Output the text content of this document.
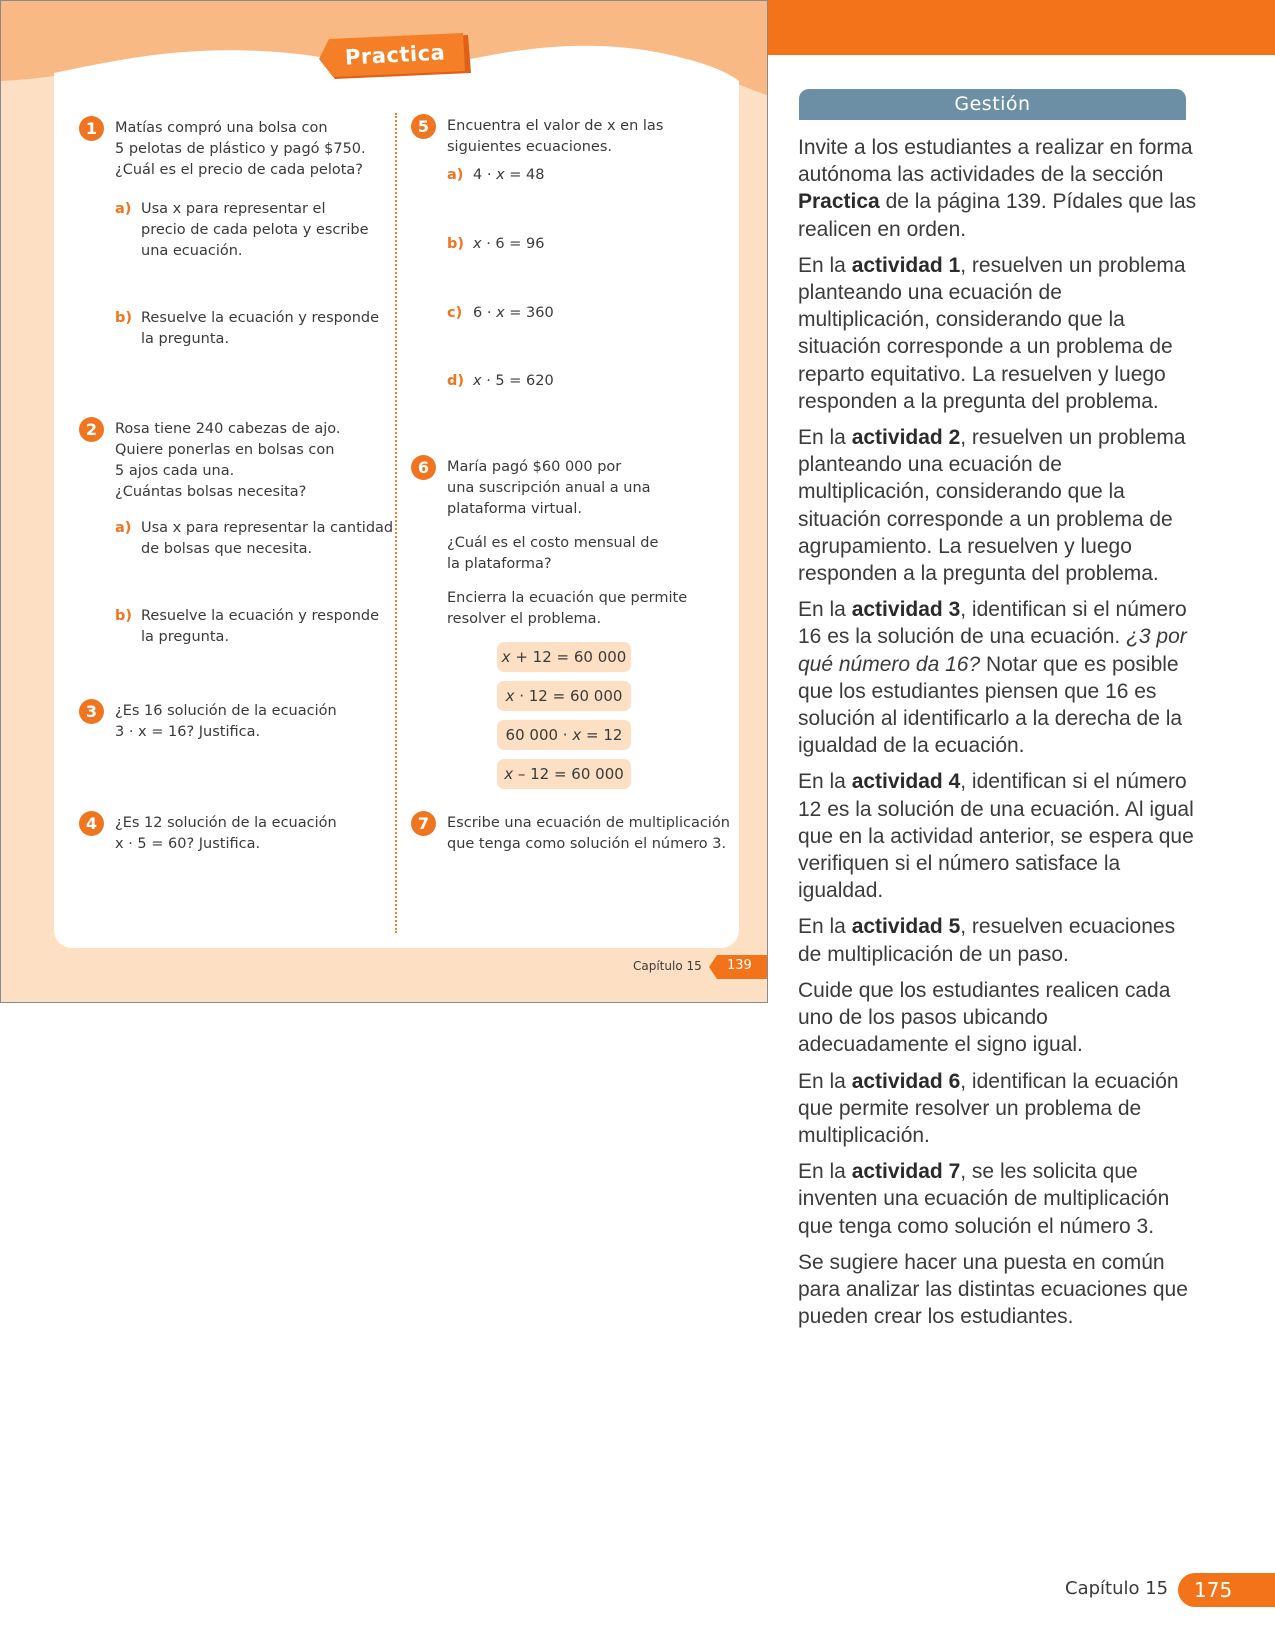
Practica
1	Matías compró una bolsa con

5 pelotas de plástico y pagó $750.

¿Cuál es el precio de cada pelota?

a) Usa x para representar el

precio de cada pelota y escribe

una ecuación.

b) Resuelve la ecuación y responde

la pregunta.

2	Rosa tiene 240 cabezas de ajo.

Quiere ponerlas en bolsas con

5 ajos cada una.

¿Cuántas bolsas necesita?

a) Usa x para representar la cantidad

de bolsas que necesita.

b) Resuelve la ecuación y responde

la pregunta.

3	¿Es 16 solución de la ecuación

3 · x = 16? Justifica.

4	¿Es 12 solución de la ecuación

x · 5 = 60? Justifica.

5	Encuentra el valor de x en las

siguientes ecuaciones.

a) 4 · x = 48

b) x · 6 = 96

c) 6 · x = 360

d) x · 5 = 620

6	María pagó $60 000 por

una suscripción anual a una

plataforma virtual.

¿Cuál es el costo mensual de

la plataforma?

Encierra la ecuación que permite

resolver el problema.

x + 12 = 60 000
x · 12 = 60 000
60 000 · x = 12
x – 12 = 60 000
7	Escribe una ecuación de multiplicación

que tenga como solución el número 3.

Capítulo 15 139
Gestión

Invite a los estudiantes a realizar en forma autónoma las actividades de la sección Practica de la página 139. Pídales que las realicen en orden.

En la actividad 1, resuelven un problema planteando una ecuación de multiplicación, considerando que la situación corresponde a un problema de reparto equitativo. La resuelven y luego responden a la pregunta del problema.

En la actividad 2, resuelven un problema planteando una ecuación de multiplicación, considerando que la situación corresponde a un problema de agrupamiento. La resuelven y luego responden a la pregunta del problema.

En la actividad 3, identifican si el número 16 es la solución de una ecuación. ¿3 por qué número da 16? Notar que es posible que los estudiantes piensen que 16 es solución al identificarlo a la derecha de la igualdad de la ecuación.

En la actividad 4, identifican si el número 12 es la solución de una ecuación. Al igual que en la actividad anterior, se espera que verifiquen si el número satisface la igualdad.

En la actividad 5, resuelven ecuaciones de multiplicación de un paso.

Cuide que los estudiantes realicen cada uno de los pasos ubicando adecuadamente el signo igual.

En la actividad 6, identifican la ecuación que permite resolver un problema de multiplicación.

En la actividad 7, se les solicita que inventen una ecuación de multiplicación que tenga como solución el número 3.

Se sugiere hacer una puesta en común para analizar las distintas ecuaciones que pueden crear los estudiantes.

Capítulo 15	175
